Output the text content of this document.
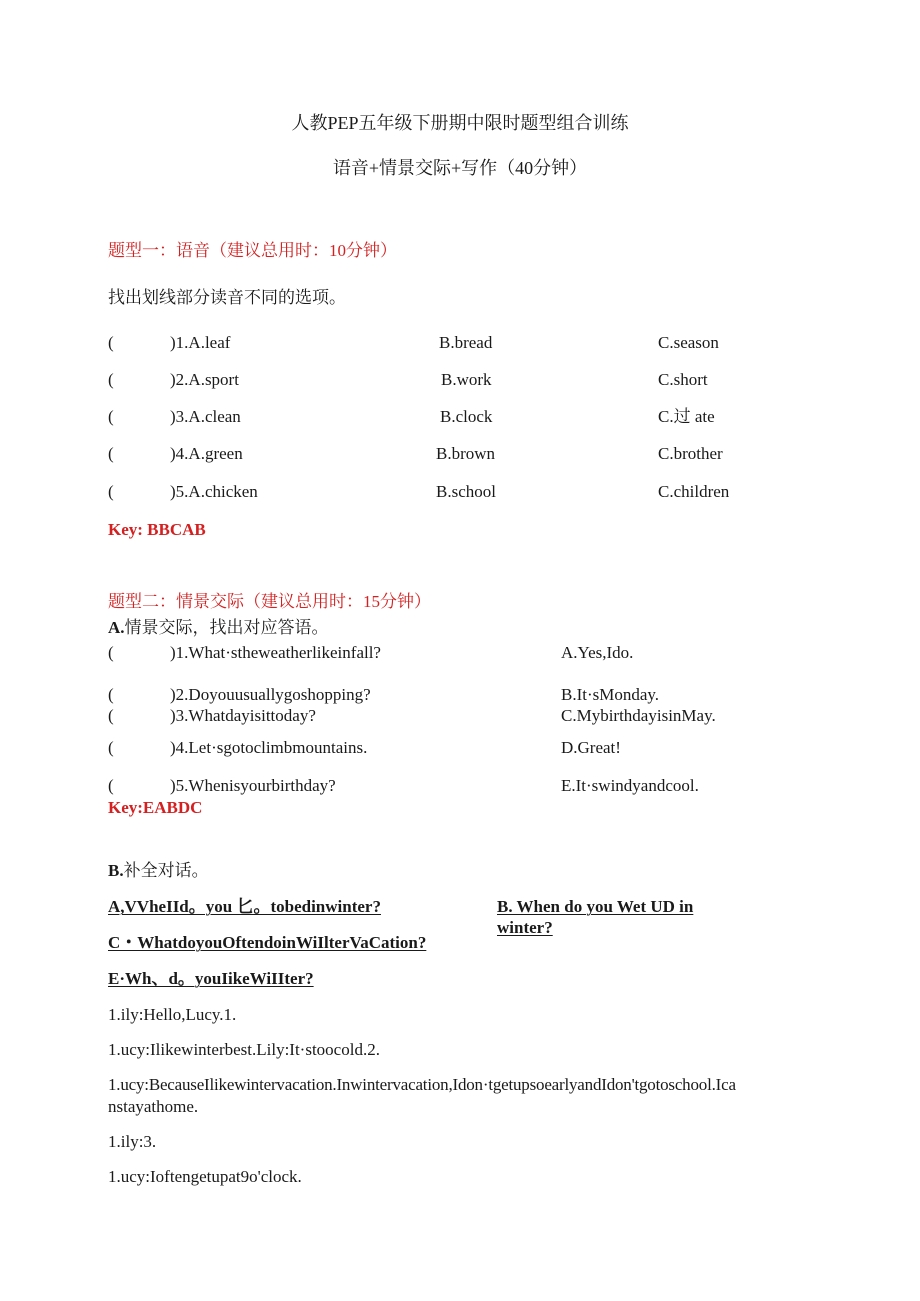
人教PEP五年级下册期中限时题型组合训练
语音+情景交际+写作（40分钟）
题型一：语音（建议总用时：10分钟）
找出划线部分读音不同的选项。
(	)1.A.leaf	B.bread	C.season
(	)2.A.sport	B.work	C.short
(	)3.A.clean	B.clock	C.过 ate
(	)4.A.green	B.brown	C.brother
(	)5.A.chicken	B.school	C.children
Key: BBCAB
题型二：情景交际（建议总用时：15分钟）
A.情景交际，找出对应答语。
(	)1.What·stheweatherlikeinfall?	A.Yes,Ido.
(	)2.Doyouusuallygoshopping?	B.It·sMonday.
(	)3.Whatdayisittoday?	C.MybirthdayisinMay.
(	)4.Let·sgotoclimbmountains.	D.Great!
(	)5.Whenisyourbirthday?	E.It·swindyandcool.
Key:EABDC
B.补全对话。
A,VVheIId。you 匕。tobedinwinter?	B. When do you Wet UD in
winter?
C・WhatdoyouOftendoinWiIlterVaCation?
E·Wh、d。youIikeWiIIter?
1.ily:Hello,Lucy.1.
1.ucy:Ilikewinterbest.Lily:It·stoocold.2.
1.ucy:BecauseIlikewintervacation.Inwintervacation,Idon·tgetupsoearlyandIdon'tgotoschool.Ica
nstayathome.
1.ily:3.
1.ucy:Ioftengetupat9o'clock.
